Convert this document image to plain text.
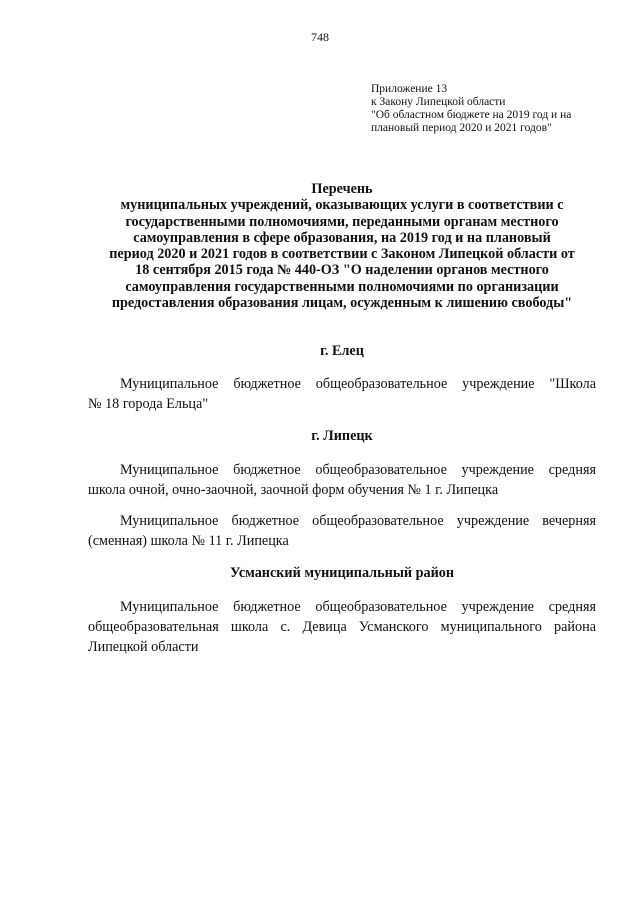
748
Приложение 13
к Закону Липецкой области
"Об областном бюджете на 2019 год и на
плановый период 2020 и 2021 годов"
Перечень
муниципальных учреждений, оказывающих услуги в соответствии с
государственными полномочиями, переданными органам местного
самоуправления в сфере образования, на 2019 год и на плановый
период 2020 и 2021 годов в соответствии с Законом Липецкой области от
18 сентября 2015 года № 440-ОЗ "О наделении органов местного
самоуправления государственными полномочиями по организации
предоставления образования лицам, осужденным к лишению свободы"
г. Елец
Муниципальное бюджетное общеобразовательное учреждение "Школа
№ 18 города Ельца"
г. Липецк
Муниципальное бюджетное общеобразовательное учреждение средняя
школа очной, очно-заочной, заочной форм обучения № 1 г. Липецка
Муниципальное бюджетное общеобразовательное учреждение вечерняя
(сменная) школа № 11 г. Липецка
Усманский муниципальный район
Муниципальное бюджетное общеобразовательное учреждение средняя
общеобразовательная школа с. Девица Усманского муниципального района
Липецкой области
